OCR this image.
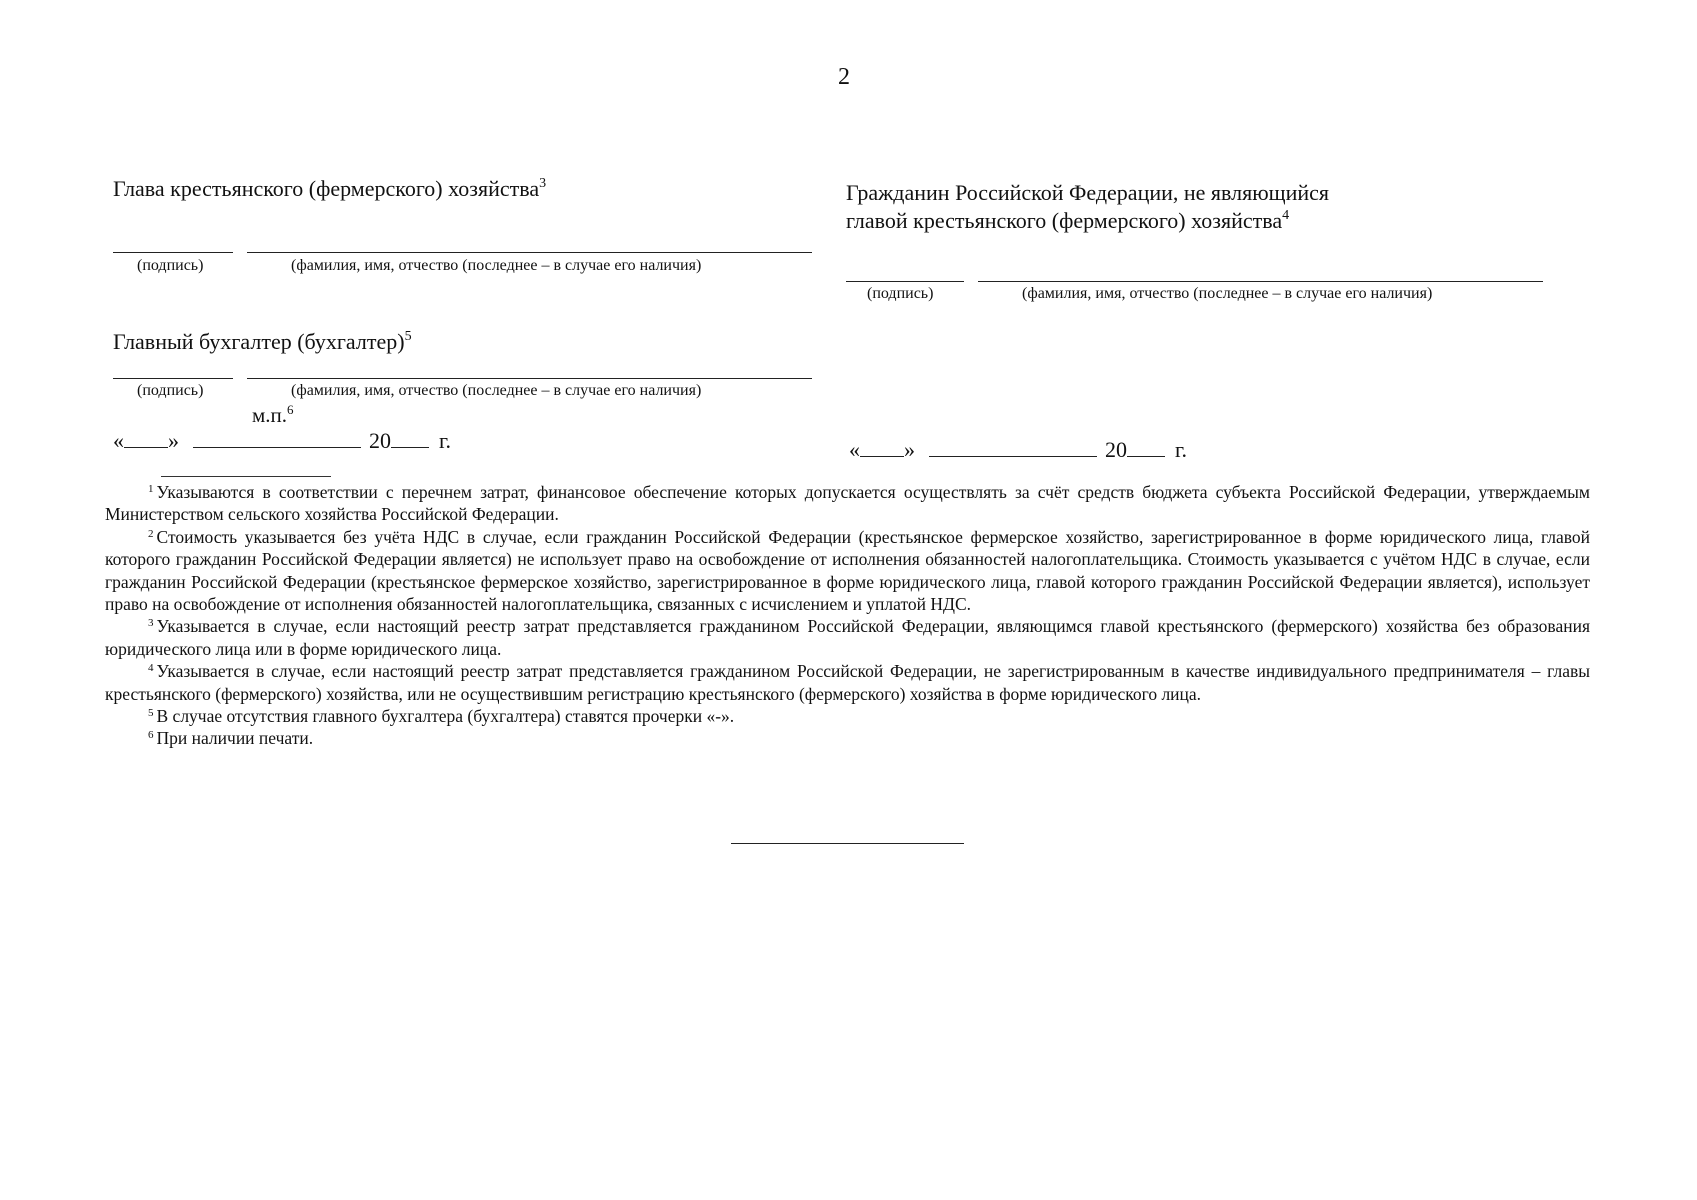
2
Глава крестьянского (фермерского) хозяйства$^3$
(подпись)	(фамилия, имя, отчество (последнее – в случае его наличия)
Главный бухгалтер (бухгалтер)$^5$
(подпись)	(фамилия, имя, отчество (последнее – в случае его наличия)
м.п.$^6$
« »	20 г.
Гражданин Российской Федерации, не являющийся
главой крестьянского (фермерского) хозяйства$^4$
(подпись)	(фамилия, имя, отчество (последнее – в случае его наличия)
« »	20 г.

$^1$ Указываются в соответствии с перечнем затрат, финансовое обеспечение которых допускается осуществлять за счёт средств бюджета субъекта Российской Федерации, утверждаемым Министерством сельского хозяйства Российской Федерации.

$^2$ Стоимость указывается без учёта НДС в случае, если гражданин Российской Федерации (крестьянское фермерское хозяйство, зарегистрированное в форме юридического лица, главой которого гражданин Российской Федерации является) не использует право на освобождение от исполнения обязанностей налогоплательщика. Стоимость указывается с учётом НДС в случае, если гражданин Российской Федерации (крестьянское фермерское хозяйство, зарегистрированное в форме юридического лица, главой которого гражданин Российской Федерации является), использует право на освобождение от исполнения обязанностей налогоплательщика, связанных с исчислением и уплатой НДС.

$^3$ Указывается в случае, если настоящий реестр затрат представляется гражданином Российской Федерации, являющимся главой крестьянского (фермерского) хозяйства без образования юридического лица или в форме юридического лица.

$^4$ Указывается в случае, если настоящий реестр затрат представляется гражданином Российской Федерации, не зарегистрированным в качестве индивидуального предпринимателя – главы крестьянского (фермерского) хозяйства, или не осуществившим регистрацию крестьянского (фермерского) хозяйства в форме юридического лица.

$^5$ В случае отсутствия главного бухгалтера (бухгалтера) ставятся прочерки «-».

$^6$ При наличии печати.
